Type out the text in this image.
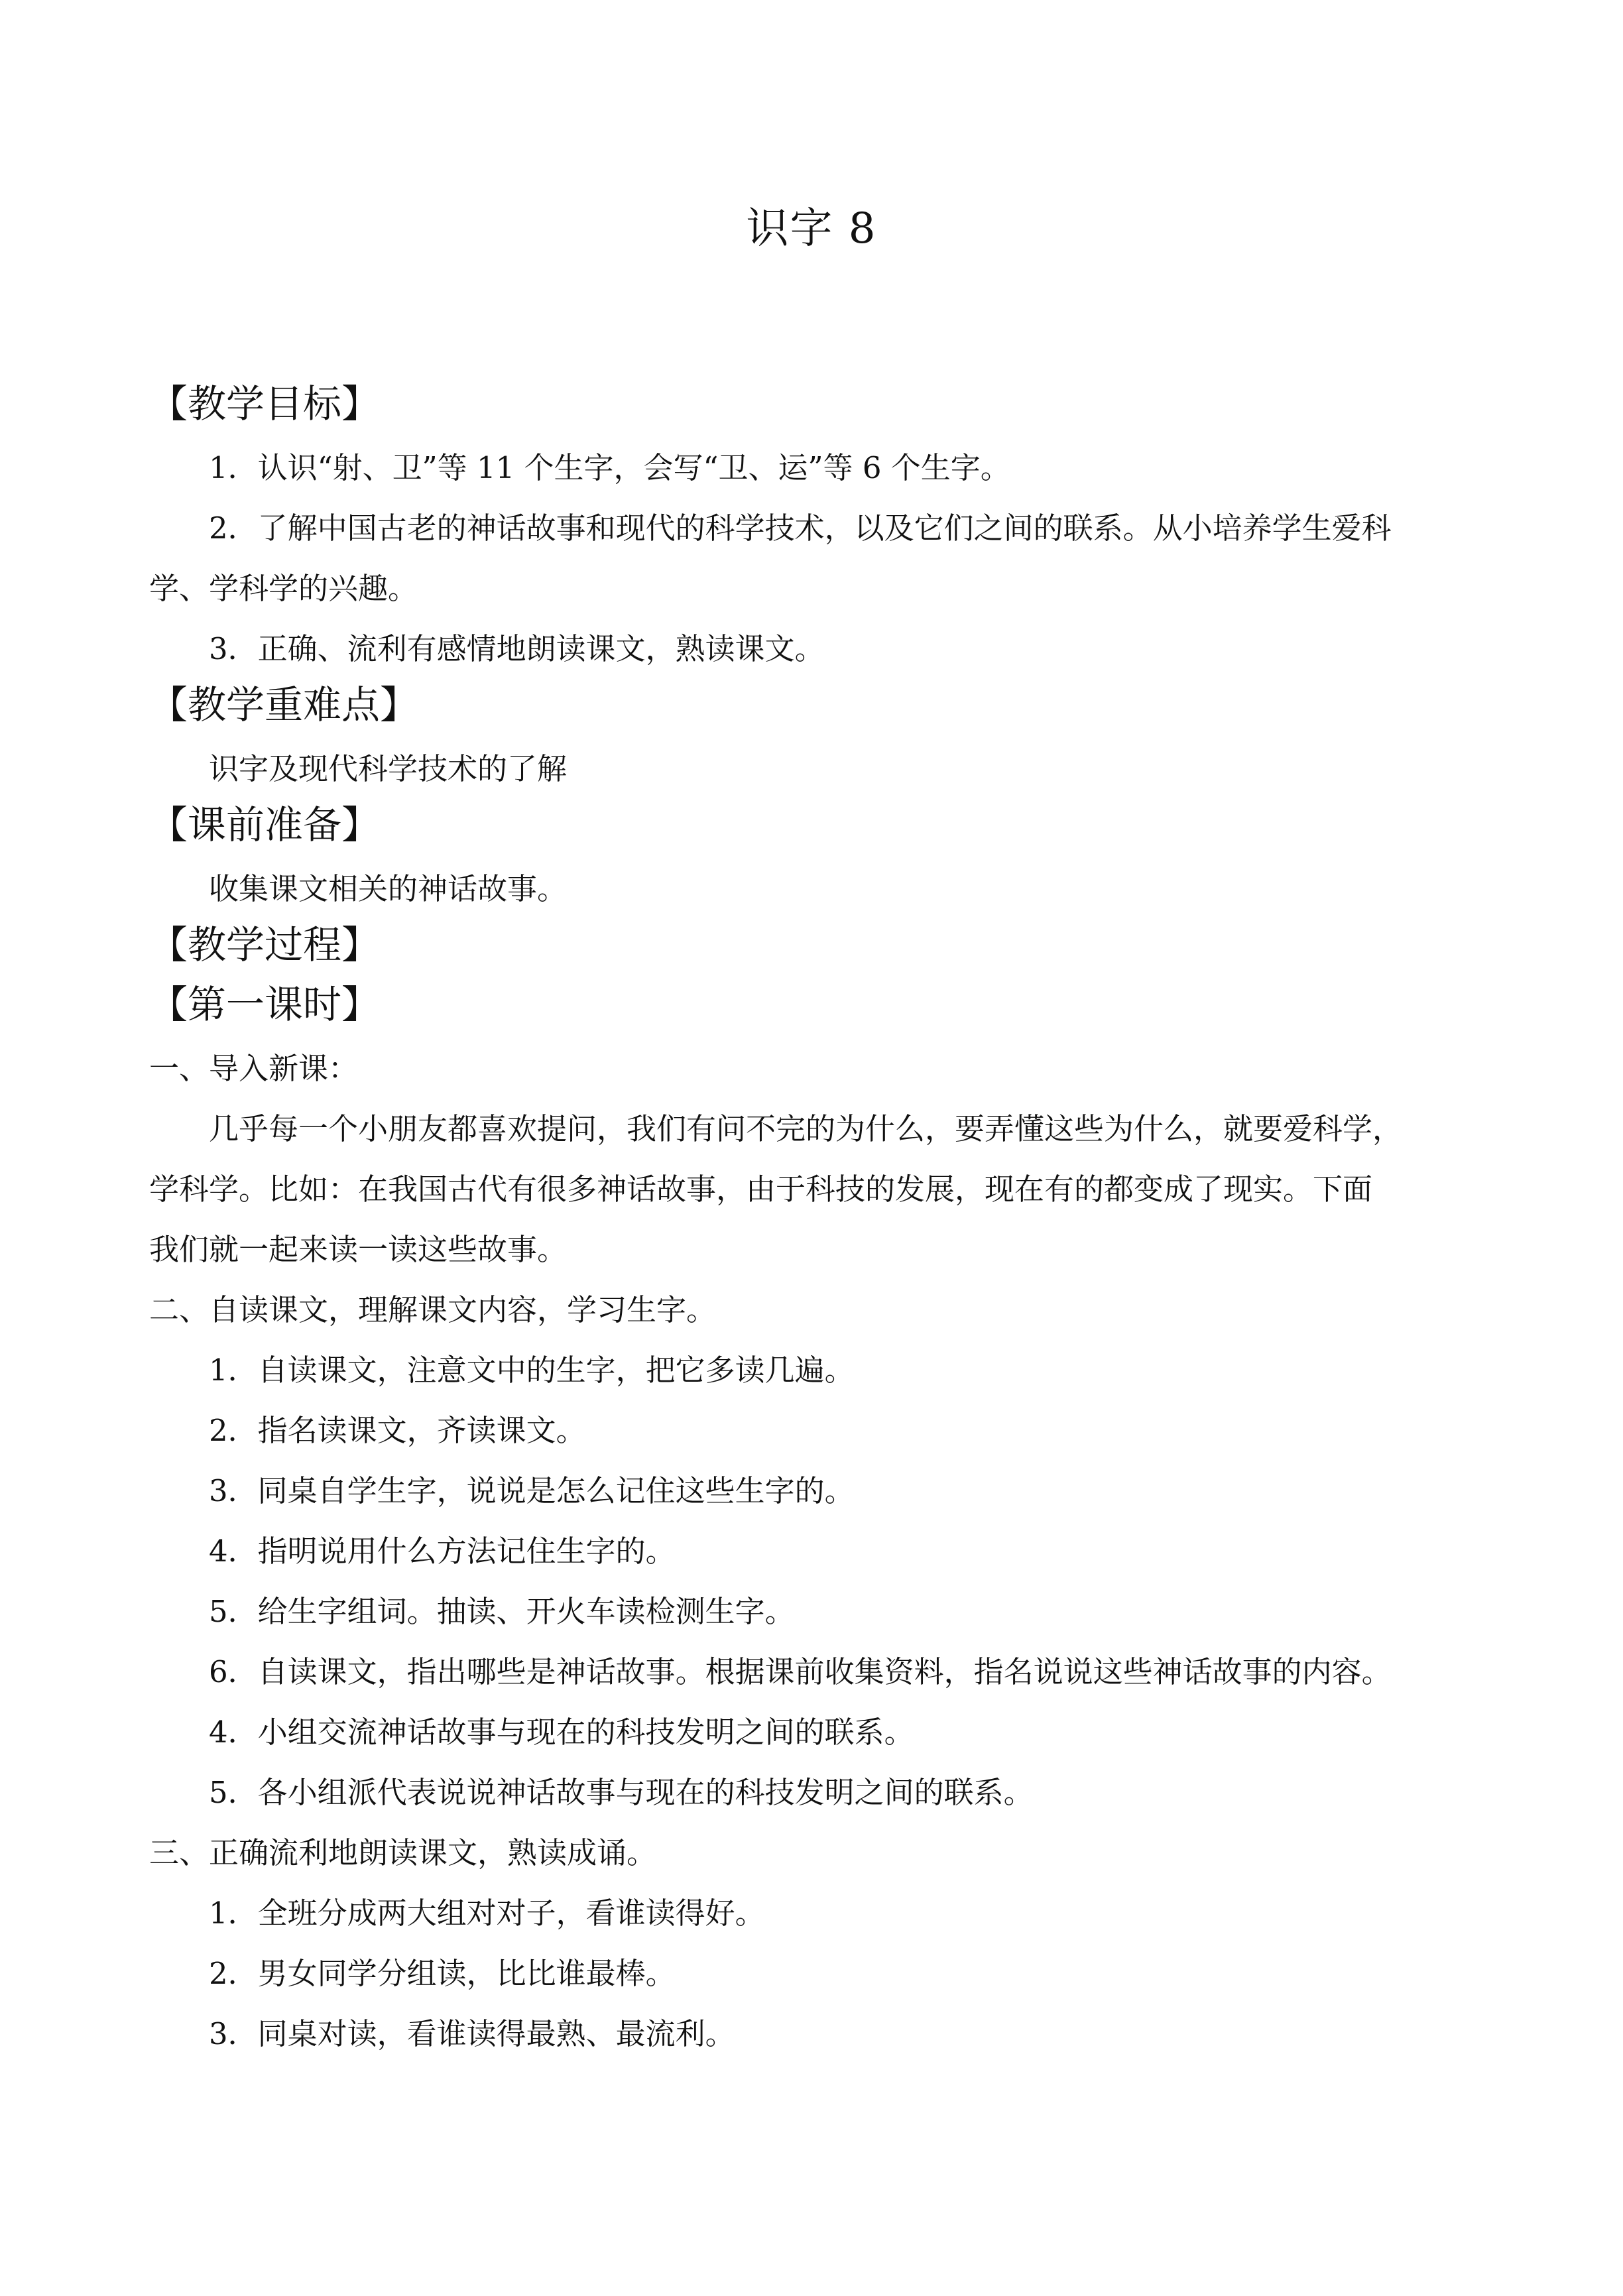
识字 8
【教学目标】

1．认识“射、卫”等 11 个生字，会写“卫、运”等 6 个生字。

2．了解中国古老的神话故事和现代的科学技术，以及它们之间的联系。从小培养学生爱科

学、学科学的兴趣。

3．正确、流利有感情地朗读课文，熟读课文。

【教学重难点】

识字及现代科学技术的了解

【课前准备】

收集课文相关的神话故事。

【教学过程】
【第一课时】

一、导入新课：

几乎每一个小朋友都喜欢提问，我们有问不完的为什么，要弄懂这些为什么，就要爱科学，

学科学。比如：在我国古代有很多神话故事，由于科技的发展，现在有的都变成了现实。下面

我们就一起来读一读这些故事。

二、自读课文，理解课文内容，学习生字。

1．自读课文，注意文中的生字，把它多读几遍。

2．指名读课文，齐读课文。

3．同桌自学生字，说说是怎么记住这些生字的。

4．指明说用什么方法记住生字的。

5．给生字组词。抽读、开火车读检测生字。

6．自读课文，指出哪些是神话故事。根据课前收集资料，指名说说这些神话故事的内容。

4．小组交流神话故事与现在的科技发明之间的联系。

5．各小组派代表说说神话故事与现在的科技发明之间的联系。

三、正确流利地朗读课文，熟读成诵。

1．全班分成两大组对对子，看谁读得好。

2．男女同学分组读，比比谁最棒。

3．同桌对读，看谁读得最熟、最流利。
